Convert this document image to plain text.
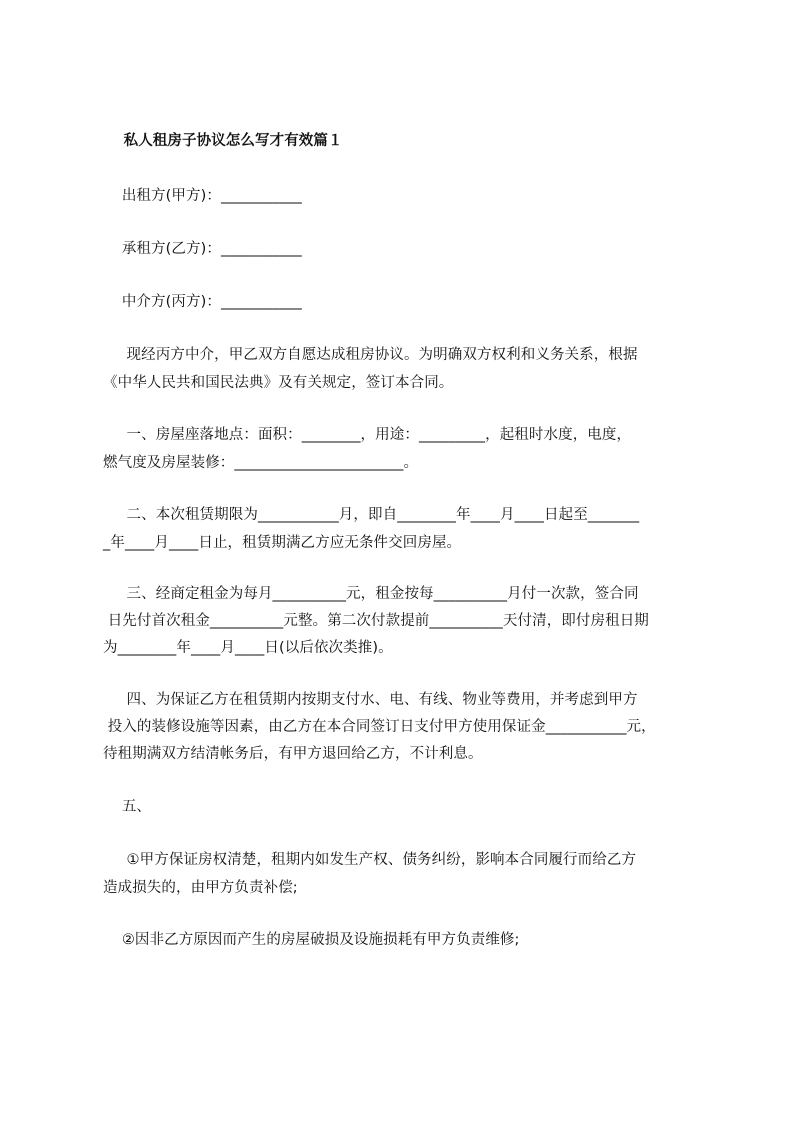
私人租房子协议怎么写才有效篇１
出租方(甲方)：___________
承租方(乙方)：___________
中介方(丙方)：___________
现经丙方中介，甲乙双方自愿达成租房协议。为明确双方权利和义务关系，根据
《中华人民共和国民法典》及有关规定，签订本合同。
一、房屋座落地点：面积：________，用途：_________，起租时水度，电度，
燃气度及房屋装修：_______________________。
二、本次租赁期限为___________月，即自________年____月____日起至_______
_年____月____日止，租赁期满乙方应无条件交回房屋。
三、经商定租金为每月__________元，租金按每__________月付一次款，签合同
日先付首次租金__________元整。第二次付款提前__________天付清，即付房租日期
为________年____月____日(以后依次类推)。
四、为保证乙方在租赁期内按期支付水、电、有线、物业等费用，并考虑到甲方
投入的装修设施等因素，由乙方在本合同签订日支付甲方使用保证金___________元，
待租期满双方结清帐务后，有甲方退回给乙方，不计利息。
五、
①甲方保证房权清楚，租期内如发生产权、债务纠纷，影响本合同履行而给乙方
造成损失的，由甲方负责补偿;
②因非乙方原因而产生的房屋破损及设施损耗有甲方负责维修;
